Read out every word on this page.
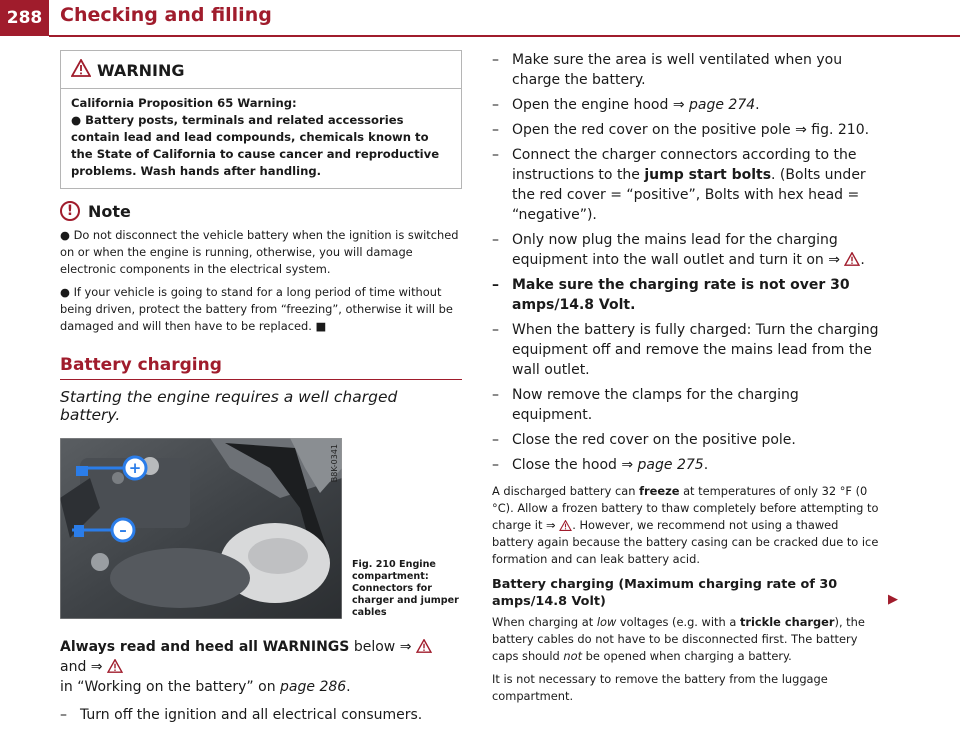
288 Checking and filling
WARNING

California Proposition 65 Warning:

● Battery posts, terminals and related accessories contain lead and lead compounds, chemicals known to the State of California to cause cancer and reproductive problems. Wash hands after handling.

! Note

● Do not disconnect the vehicle battery when the ignition is switched on or when the engine is running, otherwise, you will damage electronic components in the electrical system.

● If your vehicle is going to stand for a long period of time without being driven, protect the battery from “freezing”, otherwise it will be damaged and will then have to be replaced. ■

Battery charging
Starting the engine requires a well charged battery.
+
–
B8K-0341
Fig. 210 Engine compartment: Connectors for charger and jumper cables

Always read and heed all WARNINGS below ⇒  and ⇒
in “Working on the battery” on page 286.

– Turn off the ignition and all electrical consumers.
– Make sure the area is well ventilated when you charge the battery.
– Open the engine hood ⇒ page 274.
– Open the red cover on the positive pole ⇒ fig. 210.
– Connect the charger connectors according to the instructions to the jump start bolts. (Bolts under the red cover = “positive”, Bolts with hex head = “negative”).
– Only now plug the mains lead for the charging equipment into the wall outlet and turn it on ⇒ .
– Make sure the charging rate is not over 30 amps/14.8 Volt.
– When the battery is fully charged: Turn the charging equipment off and remove the mains lead from the wall outlet.
– Now remove the clamps for the charging equipment.
– Close the red cover on the positive pole.
– Close the hood ⇒ page 275.

A discharged battery can freeze at temperatures of only 32 °F (0 °C). Allow a frozen battery to thaw completely before attempting to charge it ⇒ . However, we recommend not using a thawed battery again because the battery casing can be cracked due to ice formation and can leak battery acid.

Battery charging (Maximum charging rate of 30 amps/14.8 Volt)

When charging at low voltages (e.g. with a trickle charger), the battery cables do not have to be disconnected first. The battery caps should not be opened when charging a battery.

It is not necessary to remove the battery from the luggage compartment.

▶
